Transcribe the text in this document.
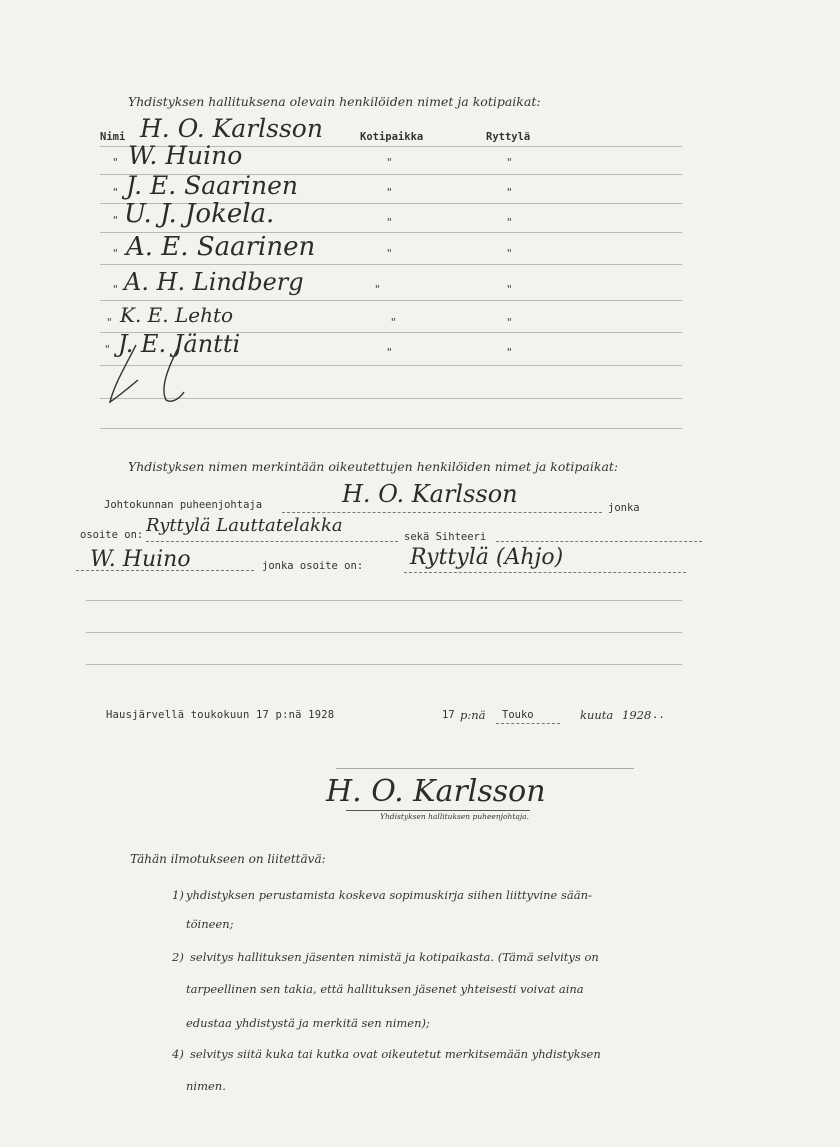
Yhdistyksen hallituksena olevain henkilöiden nimet ja kotipaikat:
Nimi	Kotipaikka	Ryttylä
H. O. Karlsson
" W. Huino	"	"
" J. E. Saarinen	"	"
" U. J. Jokela.	"	"
" A. E. Saarinen	"	"
" A. H. Lindberg	"	"
" K. E. Lehto	"	"
" J. E. Jäntti	"	"
Yhdistyksen nimen merkintään oikeutettujen henkilöiden nimet ja kotipaikat:
Johtokunnan puheenjohtaja	H. O. Karlsson	jonka
osoite on: Ryttylä Lauttatelakka
sekä Sihteeri
W. Huino	jonka osoite on: Ryttylä (Ahjo)
Hausjärvellä toukokuun 17 p:nä 1928	17 p:nä Touko	kuuta 1928 ..
H. O. Karlsson
Yhdistyksen hallituksen puheenjohtaja.
Tähän ilmotukseen on liitettävä:
1) yhdistyksen perustamista koskeva sopimuskirja siihen liittyvine sään-
töineen;
2) selvitys hallituksen jäsenten nimistä ja kotipaikasta. (Tämä selvitys on
tarpeellinen sen takia, että hallituksen jäsenet yhteisesti voivat aina
edustaa yhdistystä ja merkitä sen nimen);
4) selvitys siitä kuka tai kutka ovat oikeutetut merkitsemään yhdistyksen
nimen.
